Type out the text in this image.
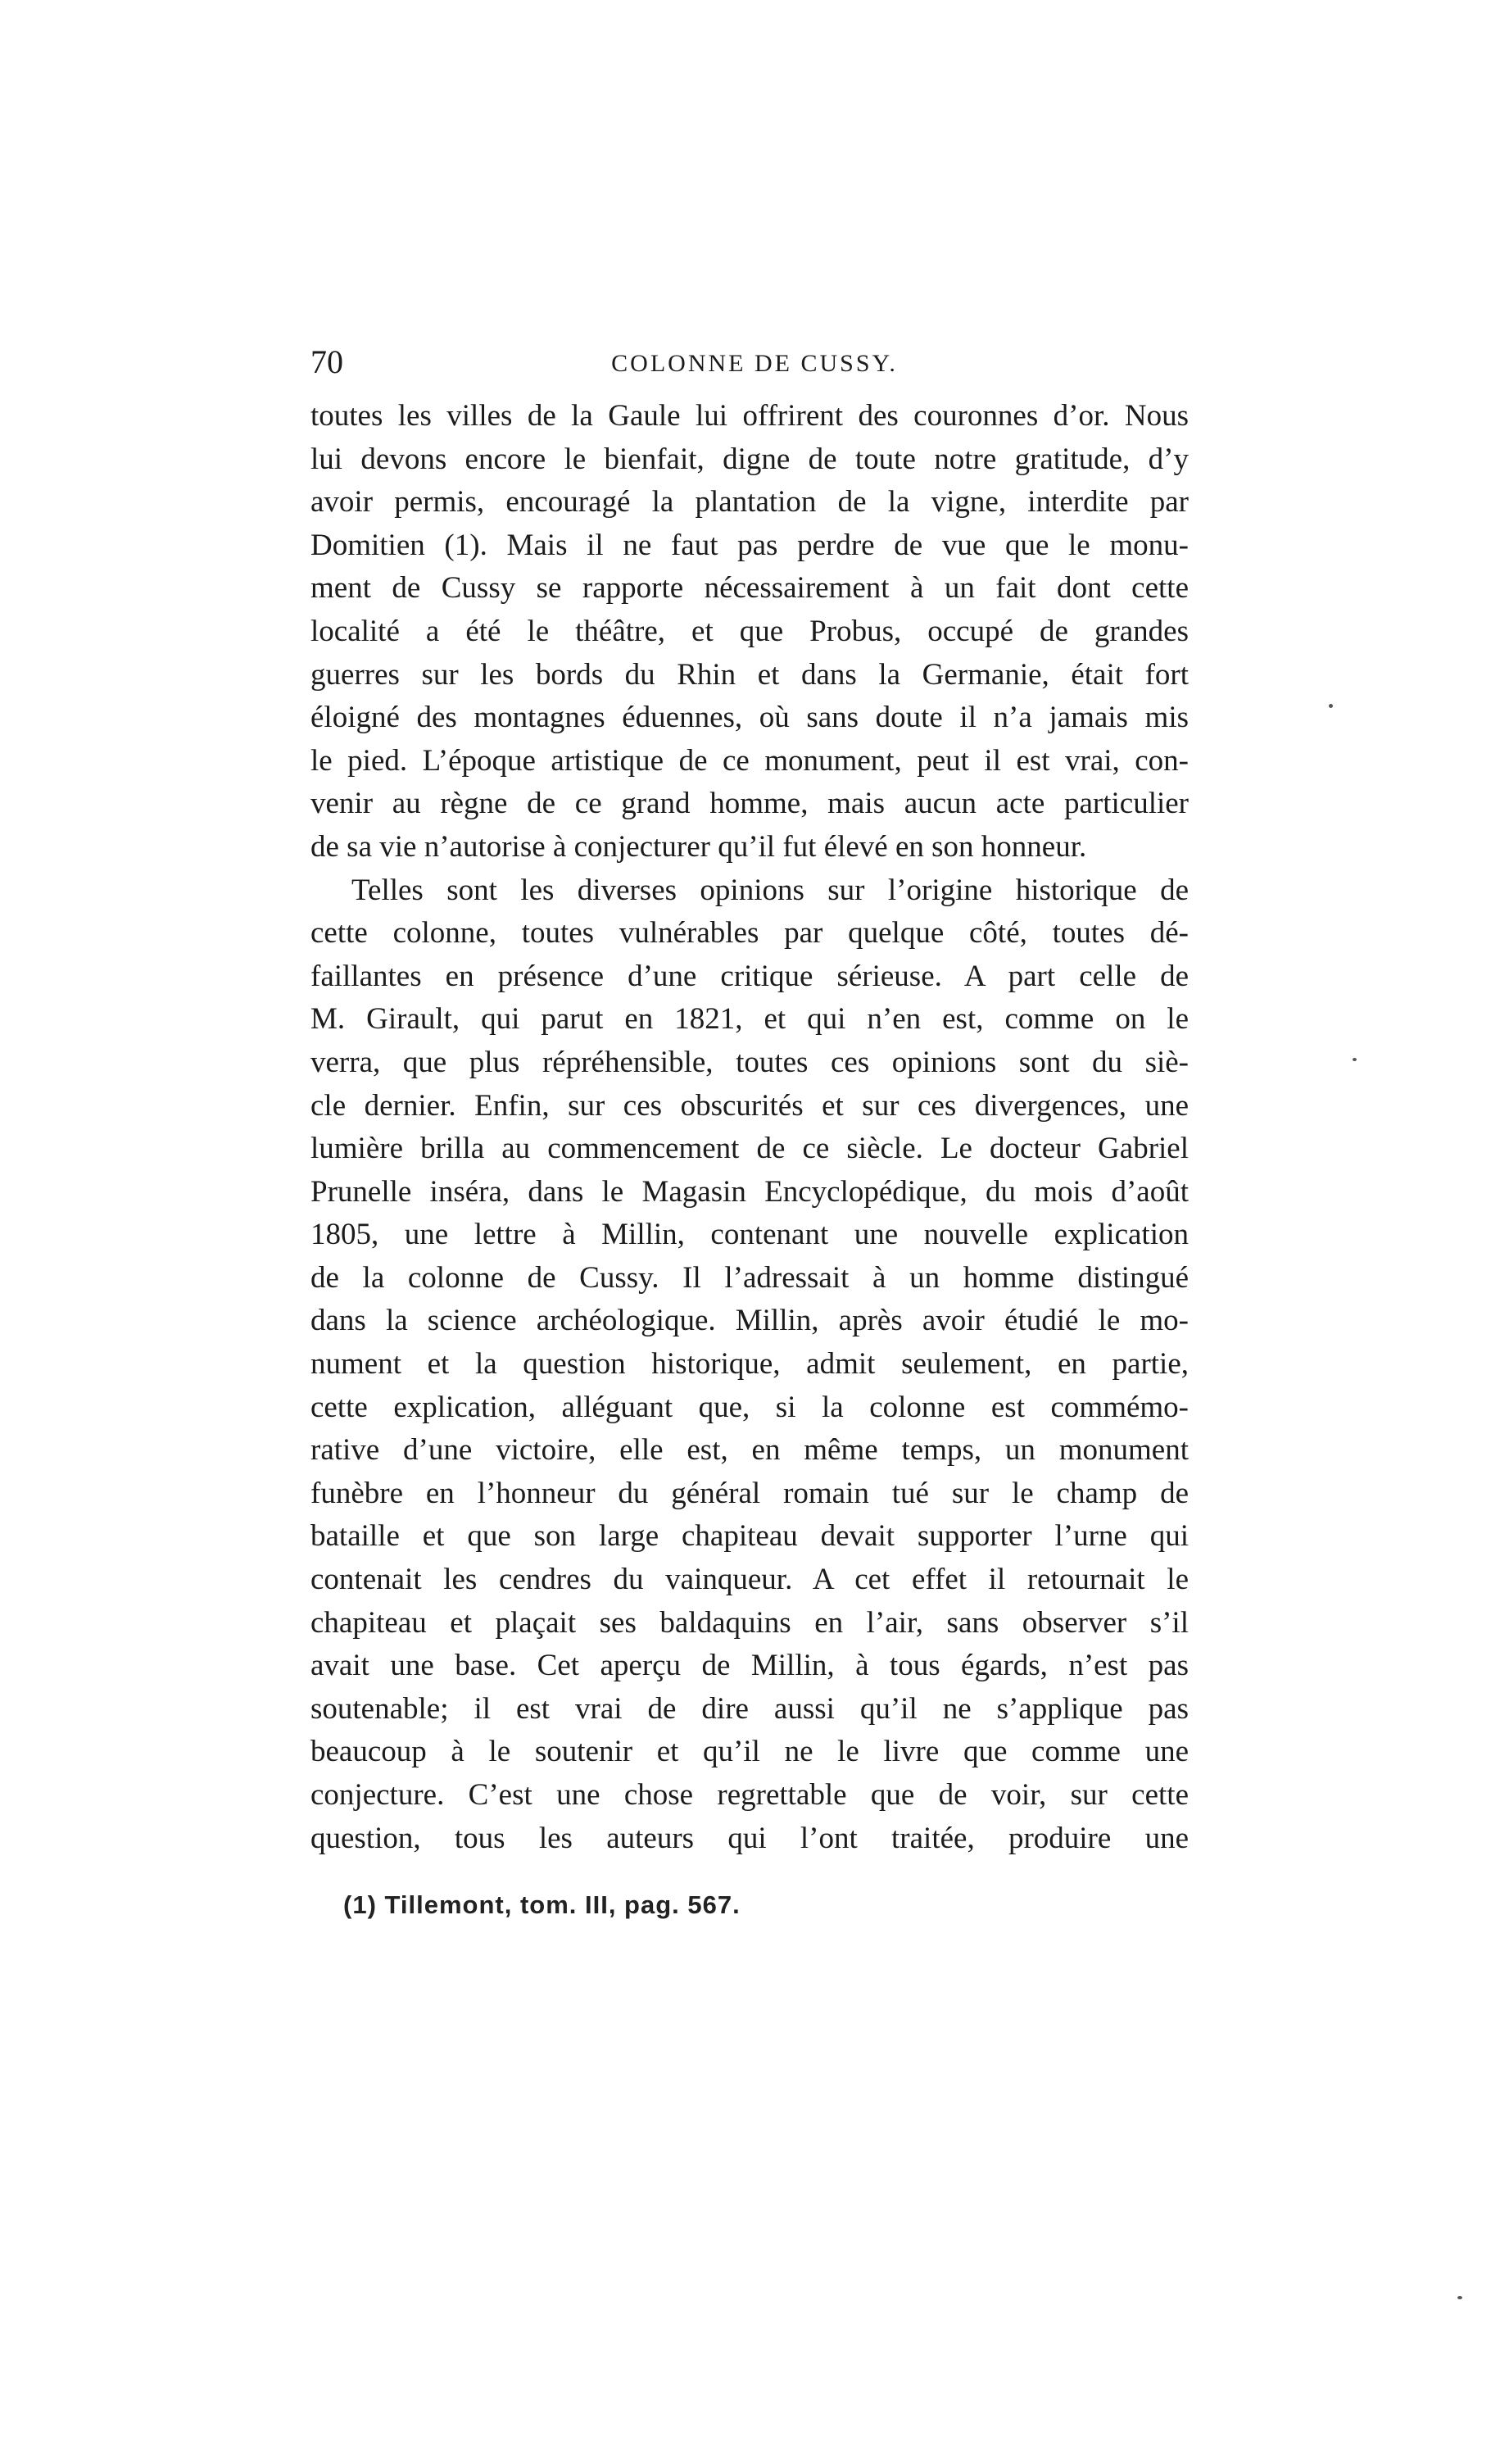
70	COLONNE DE CUSSY.
toutes les villes de la Gaule lui offrirent des couronnes d’or. Nous
lui devons encore le bienfait, digne de toute notre gratitude, d’y
avoir permis, encouragé la plantation de la vigne, interdite par
Domitien (1). Mais il ne faut pas perdre de vue que le monu-
ment de Cussy se rapporte nécessairement à un fait dont cette
localité a été le théâtre, et que Probus, occupé de grandes
guerres sur les bords du Rhin et dans la Germanie, était fort
éloigné des montagnes éduennes, où sans doute il n’a jamais mis
le pied. L’époque artistique de ce monument, peut il est vrai, con-
venir au règne de ce grand homme, mais aucun acte particulier
de sa vie n’autorise à conjecturer qu’il fut élevé en son honneur.
Telles sont les diverses opinions sur l’origine historique de
cette colonne, toutes vulnérables par quelque côté, toutes dé-
faillantes en présence d’une critique sérieuse. A part celle de
M. Girault, qui parut en 1821, et qui n’en est, comme on le
verra, que plus répréhensible, toutes ces opinions sont du siè-
cle dernier. Enfin, sur ces obscurités et sur ces divergences, une
lumière brilla au commencement de ce siècle. Le docteur Gabriel
Prunelle inséra, dans le Magasin Encyclopédique, du mois d’août
1805, une lettre à Millin, contenant une nouvelle explication
de la colonne de Cussy. Il l’adressait à un homme distingué
dans la science archéologique. Millin, après avoir étudié le mo-
nument et la question historique, admit seulement, en partie,
cette explication, alléguant que, si la colonne est commémo-
rative d’une victoire, elle est, en même temps, un monument
funèbre en l’honneur du général romain tué sur le champ de
bataille et que son large chapiteau devait supporter l’urne qui
contenait les cendres du vainqueur. A cet effet il retournait le
chapiteau et plaçait ses baldaquins en l’air, sans observer s’il
avait une base. Cet aperçu de Millin, à tous égards, n’est pas
soutenable; il est vrai de dire aussi qu’il ne s’applique pas
beaucoup à le soutenir et qu’il ne le livre que comme une
conjecture. C’est une chose regrettable que de voir, sur cette
question, tous les auteurs qui l’ont traitée, produire une
(1) Tillemont, tom. III, pag. 567.
